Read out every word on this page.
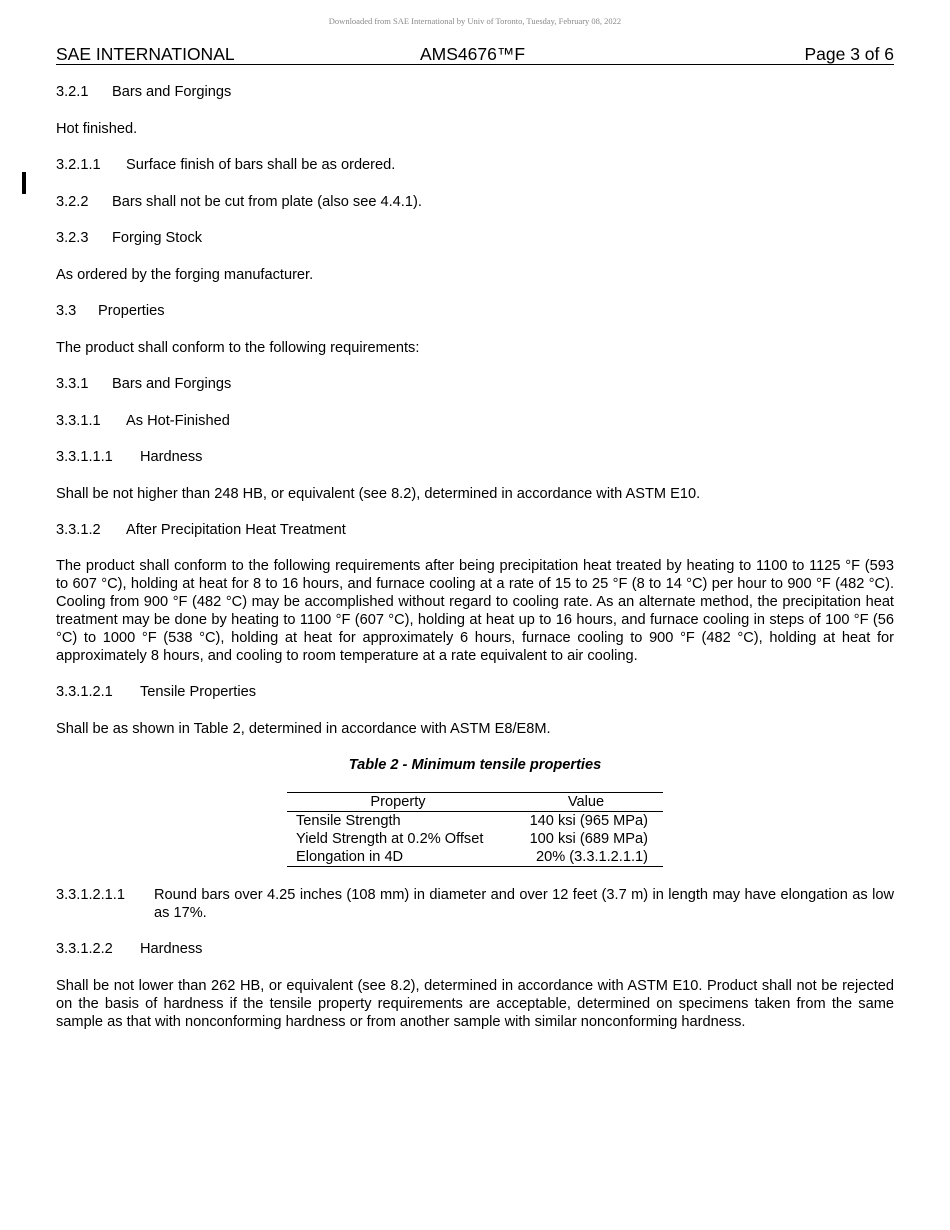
Downloaded from SAE International by Univ of Toronto, Tuesday, February 08, 2022
SAE INTERNATIONAL	AMS4676™F	Page 3 of 6
3.2.1 Bars and Forgings
Hot finished.
3.2.1.1 Surface finish of bars shall be as ordered.
3.2.2 Bars shall not be cut from plate (also see 4.4.1).
3.2.3 Forging Stock
As ordered by the forging manufacturer.
3.3 Properties
The product shall conform to the following requirements:
3.3.1 Bars and Forgings
3.3.1.1 As Hot-Finished
3.3.1.1.1 Hardness
Shall be not higher than 248 HB, or equivalent (see 8.2), determined in accordance with ASTM E10.
3.3.1.2 After Precipitation Heat Treatment

The product shall conform to the following requirements after being precipitation heat treated by heating to 1100 to 1125 °F (593 to 607 °C), holding at heat for 8 to 16 hours, and furnace cooling at a rate of 15 to 25 °F (8 to 14 °C) per hour to 900 °F (482 °C). Cooling from 900 °F (482 °C) may be accomplished without regard to cooling rate. As an alternate method, the precipitation heat treatment may be done by heating to 1100 °F (607 °C), holding at heat up to 16 hours, and furnace cooling in steps of 100 °F (56 °C) to 1000 °F (538 °C), holding at heat for approximately 6 hours, furnace cooling to 900 °F (482 °C), holding at heat for approximately 8 hours, and cooling to room temperature at a rate equivalent to air cooling.

3.3.1.2.1 Tensile Properties
Shall be as shown in Table 2, determined in accordance with ASTM E8/E8M.
Table 2 - Minimum tensile properties
Property	Value
Tensile Strength	140 ksi (965 MPa)
Yield Strength at 0.2% Offset	100 ksi (689 MPa)
Elongation in 4D	20% (3.3.1.2.1.1)
3.3.1.2.1.1 Round bars over 4.25 inches (108 mm) in diameter and over 12 feet (3.7 m) in length may have elongation as low as 17%.
3.3.1.2.2 Hardness

Shall be not lower than 262 HB, or equivalent (see 8.2), determined in accordance with ASTM E10. Product shall not be rejected on the basis of hardness if the tensile property requirements are acceptable, determined on specimens taken from the same sample as that with nonconforming hardness or from another sample with similar nonconforming hardness.
